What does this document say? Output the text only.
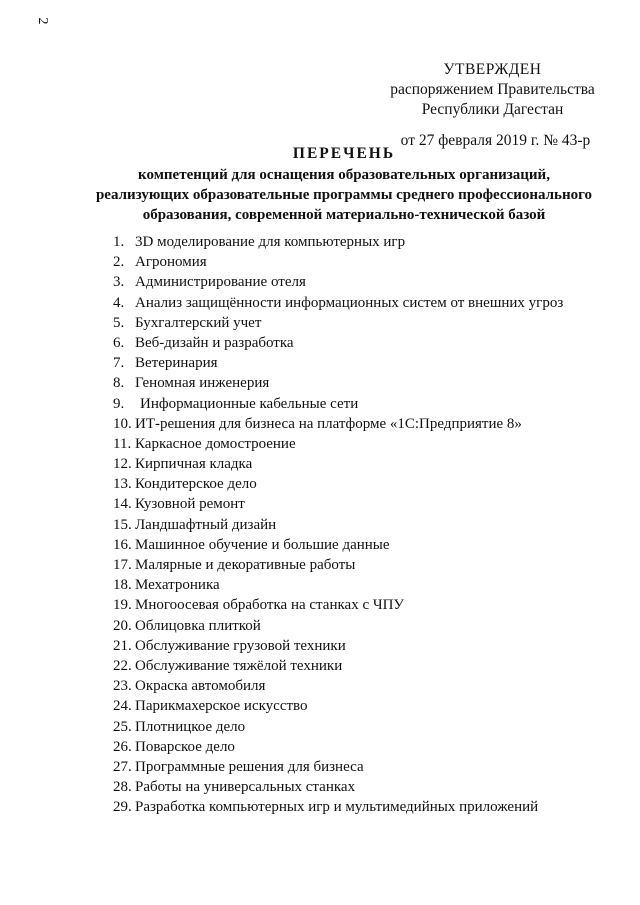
2
УТВЕРЖДЕН
распоряжением Правительства
Республики Дагестан
от 27 февраля 2019 г. № 43-р
ПЕРЕЧЕНЬ
компетенций для оснащения образовательных организаций,
реализующих образовательные программы среднего профессионального
образования, современной материально-технической базой
1. 3D моделирование для компьютерных игр
2. Агрономия
3. Администрирование отеля
4. Анализ защищённости информационных систем от внешних угроз
5. Бухгалтерский учет
6. Веб-дизайн и разработка
7. Ветеринария
8. Геномная инженерия
9.	Информационные кабельные сети
10. ИТ-решения для бизнеса на платформе «1С:Предприятие 8»
11. Каркасное домостроение
12. Кирпичная кладка
13. Кондитерское дело
14. Кузовной ремонт
15. Ландшафтный дизайн
16. Машинное обучение и большие данные
17. Малярные и декоративные работы
18. Мехатроника
19. Многоосевая обработка на станках с ЧПУ
20. Облицовка плиткой
21. Обслуживание грузовой техники
22. Обслуживание тяжёлой техники
23. Окраска автомобиля
24. Парикмахерское искусство
25. Плотницкое дело
26. Поварское дело
27. Программные решения для бизнеса
28. Работы на универсальных станках
29. Разработка компьютерных игр и мультимедийных приложений
